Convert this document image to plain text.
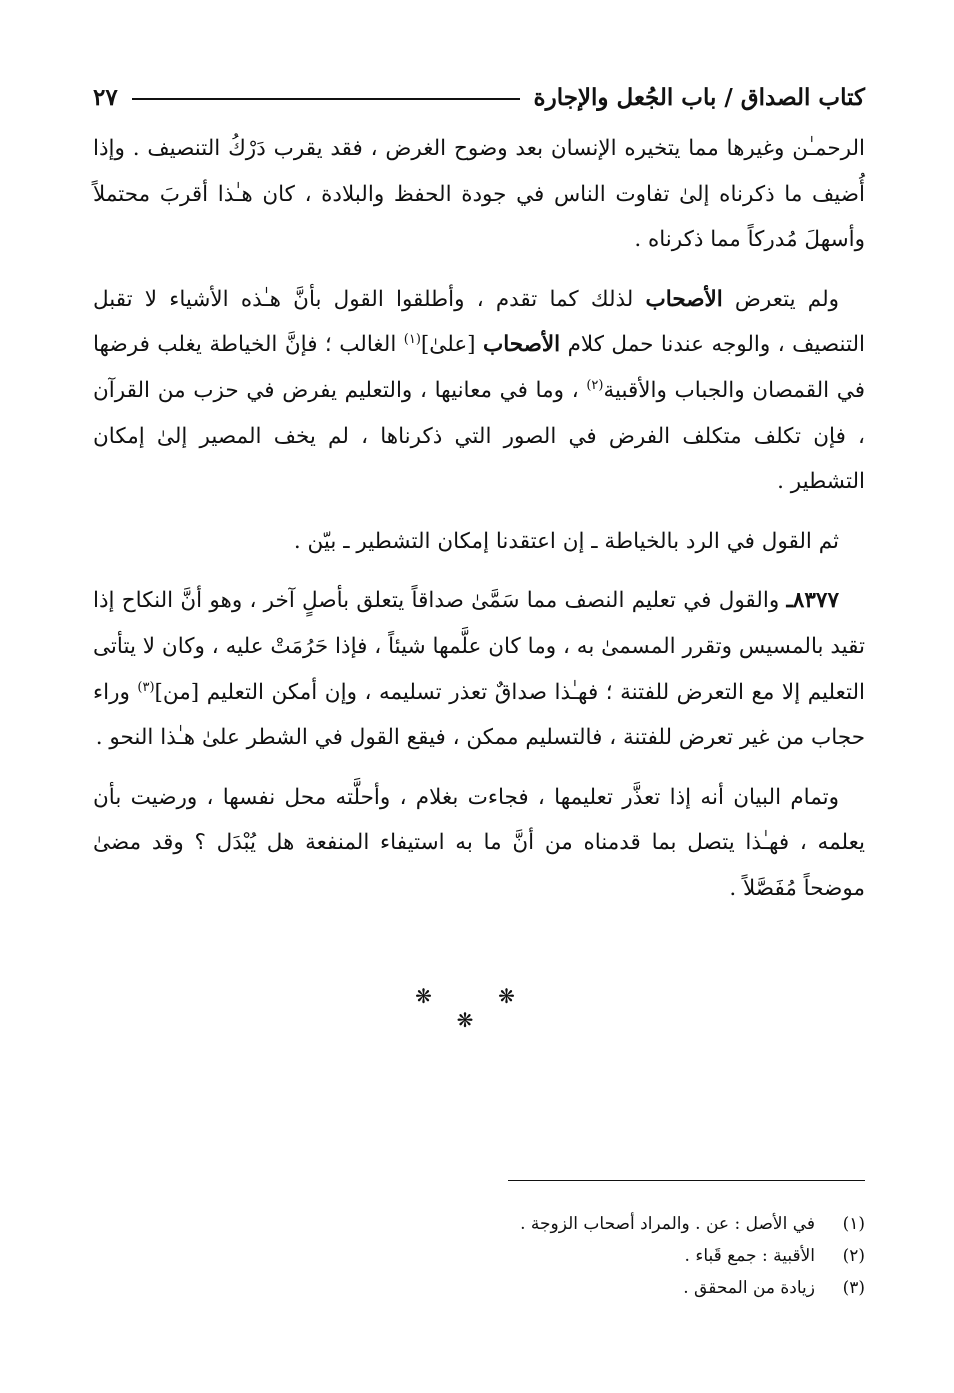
كتاب الصداق / باب الجُعل والإجارة
٢٧

الرحمـٰن وغيرها مما يتخيره الإنسان بعد وضوح الغرض ، فقد يقرب دَرْكُ التنصيف . وإذا أُضيف ما ذكرناه إلىٰ تفاوت الناس في جودة الحفظ والبلادة ، كان هـٰذا أقربَ محتملاً وأسهلَ مُدركاً مما ذكرناه .

ولم يتعرض الأصحاب لذلك كما تقدم ، وأطلقوا القول بأنَّ هـٰذه الأشياء لا تقبل التنصيف ، والوجه عندنا حمل كلام الأصحاب [علىٰ]$^{(١)}$ الغالب ؛ فإنَّ الخياطة يغلب فرضها في القمصان والجباب والأقبية$^{(٢)}$ ، وما في معانيها ، والتعليم يفرض في حزب من القرآن ، فإن تكلف متكلف الفرض في الصور التي ذكرناها ، لم يخف المصير إلىٰ إمكان التشطير .

ثم القول في الرد بالخياطة ـ إن اعتقدنا إمكان التشطير ـ بيّن .

٨٣٧٧ـ والقول في تعليم النصف مما سَمَّىٰ صداقاً يتعلق بأصلٍ آخر ، وهو أنَّ النكاح إذا تقيد بالمسيس وتقرر المسمىٰ به ، وما كان علَّمها شيئاً ، فإذا حَرُمَتْ عليه ، وكان لا يتأتى التعليم إلا مع التعرض للفتنة ؛ فهـٰذا صداقٌ تعذر تسليمه ، وإن أمكن التعليم [من]$^{(٣)}$ وراء حجاب من غير تعرض للفتنة ، فالتسليم ممكن ، فيقع القول في الشطر علىٰ هـٰذا النحو .

وتمام البيان أنه إذا تعذَّر تعليمها ، فجاءت بغلام ، وأحلَّته محل نفسها ، ورضيت بأن يعلمه ، فهـٰذا يتصل بما قدمناه من أنَّ ما به استيفاء المنفعة هل يُبْدَل ؟ وقد مضىٰ موضحاً مُفَصَّلاً .

❋ ❋ ❋
(١)
في الأصل : عن . والمراد أصحاب الزوجة .
(٢)
الأقبية : جمع قَباء .
(٣)
زيادة من المحقق .
